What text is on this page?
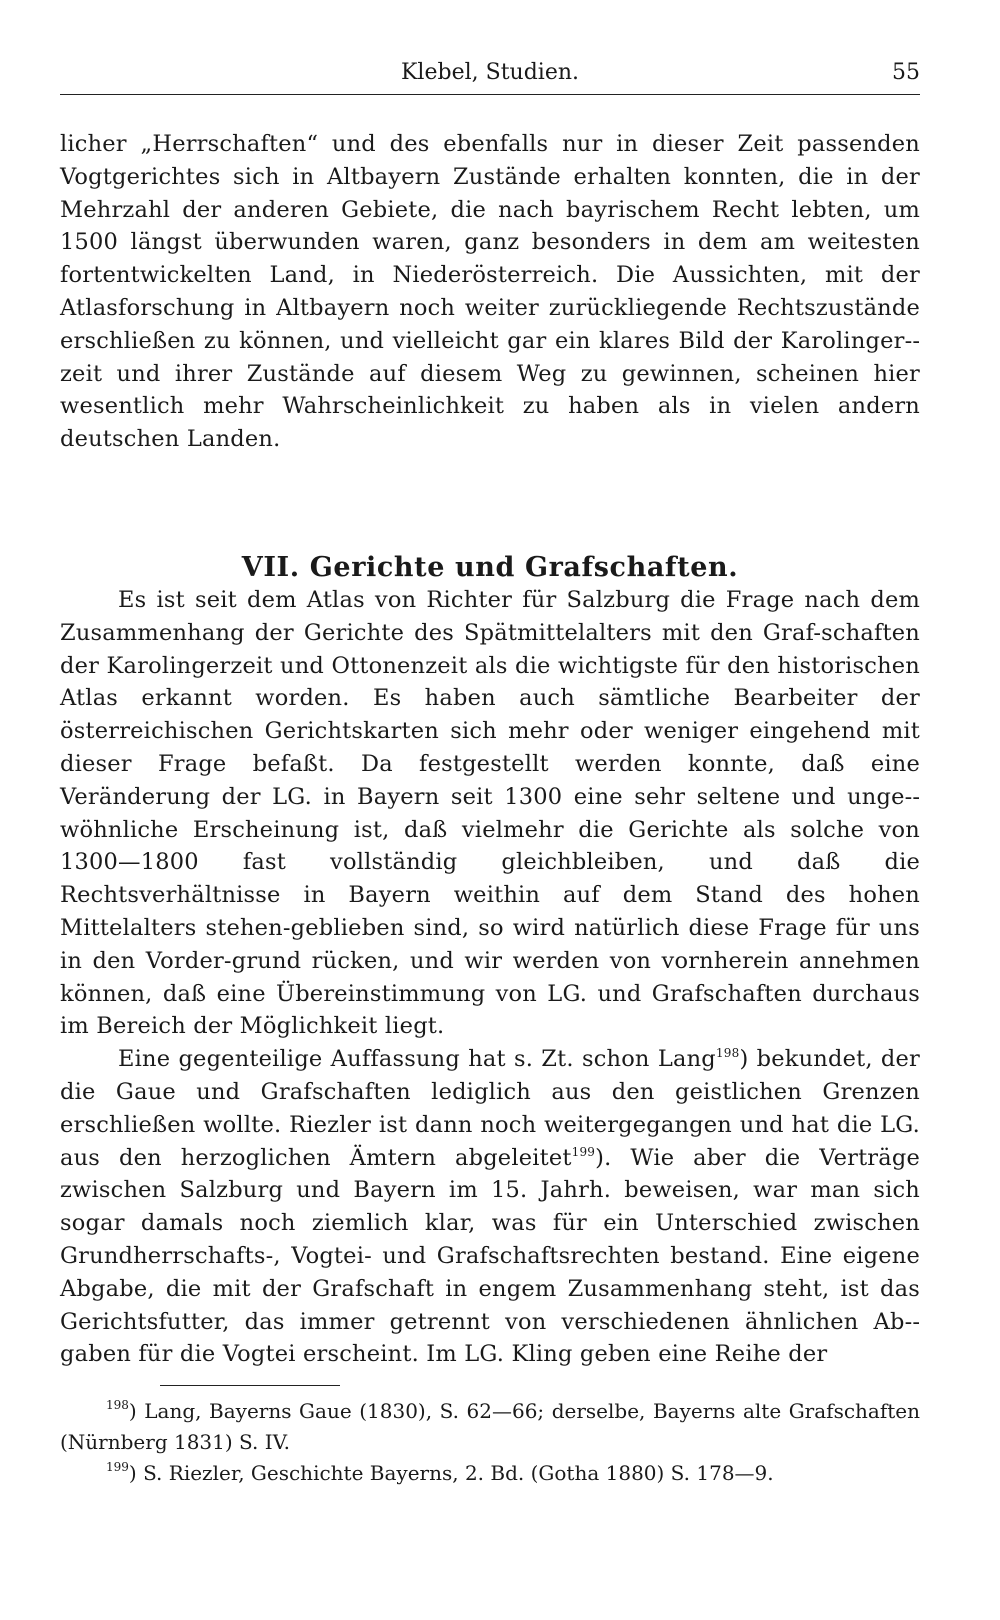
Klebel, Studien.	55

licher „Herrschaften“ und des ebenfalls nur in dieser Zeit passenden Vogtgerichtes sich in Altbayern Zustände erhalten konnten, die in der Mehrzahl der anderen Gebiete, die nach bayrischem Recht lebten, um 1500 längst überwunden waren, ganz besonders in dem am weitesten fortentwickelten Land, in Niederösterreich. Die Aussichten, mit der Atlasforschung in Altbayern noch weiter zurückliegende Rechtszustände erschließen zu können, und vielleicht gar ein klares Bild der Karolinger-zeit und ihrer Zustände auf diesem Weg zu gewinnen, scheinen hier wesentlich mehr Wahrscheinlichkeit zu haben als in vielen andern deutschen Landen.

VII. Gerichte und Grafschaften.

Es ist seit dem Atlas von Richter für Salzburg die Frage nach dem Zusammenhang der Gerichte des Spätmittelalters mit den Graf-schaften der Karolingerzeit und Ottonenzeit als die wichtigste für den historischen Atlas erkannt worden. Es haben auch sämtliche Bearbeiter der österreichischen Gerichtskarten sich mehr oder weniger eingehend mit dieser Frage befaßt. Da festgestellt werden konnte, daß eine Veränderung der LG. in Bayern seit 1300 eine sehr seltene und unge-wöhnliche Erscheinung ist, daß vielmehr die Gerichte als solche von 1300—1800 fast vollständig gleichbleiben, und daß die Rechtsverhältnisse in Bayern weithin auf dem Stand des hohen Mittelalters stehen-geblieben sind, so wird natürlich diese Frage für uns in den Vorder-grund rücken, und wir werden von vornherein annehmen können, daß eine Übereinstimmung von LG. und Grafschaften durchaus im Bereich der Möglichkeit liegt.

Eine gegenteilige Auffassung hat s. Zt. schon Lang$^{198}$) bekundet, der die Gaue und Grafschaften lediglich aus den geistlichen Grenzen erschließen wollte. Riezler ist dann noch weitergegangen und hat die LG. aus den herzoglichen Ämtern abgeleitet$^{199}$). Wie aber die Verträge zwischen Salzburg und Bayern im 15. Jahrh. beweisen, war man sich sogar damals noch ziemlich klar, was für ein Unterschied zwischen Grundherrschafts-, Vogtei- und Grafschaftsrechten bestand. Eine eigene Abgabe, die mit der Grafschaft in engem Zusammenhang steht, ist das Gerichtsfutter, das immer getrennt von verschiedenen ähnlichen Ab-gaben für die Vogtei erscheint. Im LG. Kling geben eine Reihe der

$^{198}$) Lang, Bayerns Gaue (1830), S. 62—66; derselbe, Bayerns alte Grafschaften (Nürnberg 1831) S. IV.

$^{199}$) S. Riezler, Geschichte Bayerns, 2. Bd. (Gotha 1880) S. 178—9.
